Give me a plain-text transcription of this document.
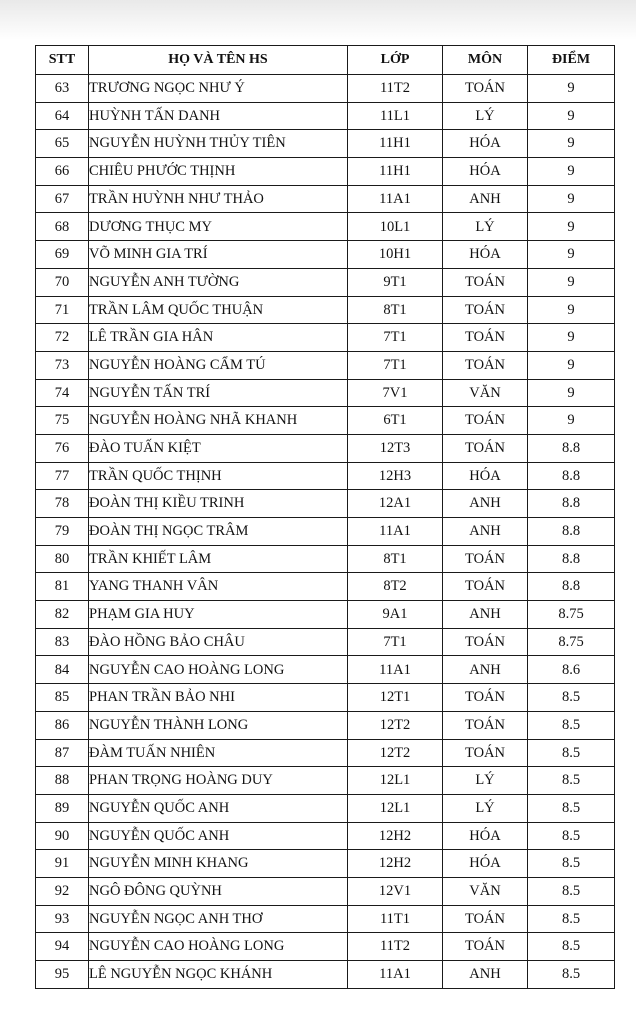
STT	HỌ VÀ TÊN HS	LỚP	MÔN	ĐIỂM
63	TRƯƠNG NGỌC NHƯ Ý	11T2	TOÁN	9
64	HUỲNH TẤN DANH	11L1	LÝ	9
65	NGUYỄN HUỲNH THỦY TIÊN	11H1	HÓA	9
66	CHIÊU PHƯỚC THỊNH	11H1	HÓA	9
67	TRẦN HUỲNH NHƯ THẢO	11A1	ANH	9
68	DƯƠNG THỤC MY	10L1	LÝ	9
69	VÕ MINH GIA TRÍ	10H1	HÓA	9
70	NGUYỄN ANH TƯỜNG	9T1	TOÁN	9
71	TRẦN LÂM QUỐC THUẬN	8T1	TOÁN	9
72	LÊ TRẦN GIA HÂN	7T1	TOÁN	9
73	NGUYỄN HOÀNG CẨM TÚ	7T1	TOÁN	9
74	NGUYỄN TẤN TRÍ	7V1	VĂN	9
75	NGUYỄN HOÀNG NHÃ KHANH	6T1	TOÁN	9
76	ĐÀO TUẤN KIỆT	12T3	TOÁN	8.8
77	TRẦN QUỐC THỊNH	12H3	HÓA	8.8
78	ĐOÀN THỊ KIỀU TRINH	12A1	ANH	8.8
79	ĐOÀN THỊ NGỌC TRÂM	11A1	ANH	8.8
80	TRẦN KHIẾT LÂM	8T1	TOÁN	8.8
81	YANG THANH VÂN	8T2	TOÁN	8.8
82	PHẠM GIA HUY	9A1	ANH	8.75
83	ĐÀO HỒNG BẢO CHÂU	7T1	TOÁN	8.75
84	NGUYỄN CAO HOÀNG LONG	11A1	ANH	8.6
85	PHAN TRẦN BẢO NHI	12T1	TOÁN	8.5
86	NGUYỄN THÀNH LONG	12T2	TOÁN	8.5
87	ĐÀM TUẤN NHIÊN	12T2	TOÁN	8.5
88	PHAN TRỌNG HOÀNG DUY	12L1	LÝ	8.5
89	NGUYỄN QUỐC ANH	12L1	LÝ	8.5
90	NGUYỄN QUỐC ANH	12H2	HÓA	8.5
91	NGUYỄN MINH KHANG	12H2	HÓA	8.5
92	NGÔ ĐÔNG QUỲNH	12V1	VĂN	8.5
93	NGUYỄN NGỌC ANH THƠ	11T1	TOÁN	8.5
94	NGUYỄN CAO HOÀNG LONG	11T2	TOÁN	8.5
95	LÊ NGUYỄN NGỌC KHÁNH	11A1	ANH	8.5
